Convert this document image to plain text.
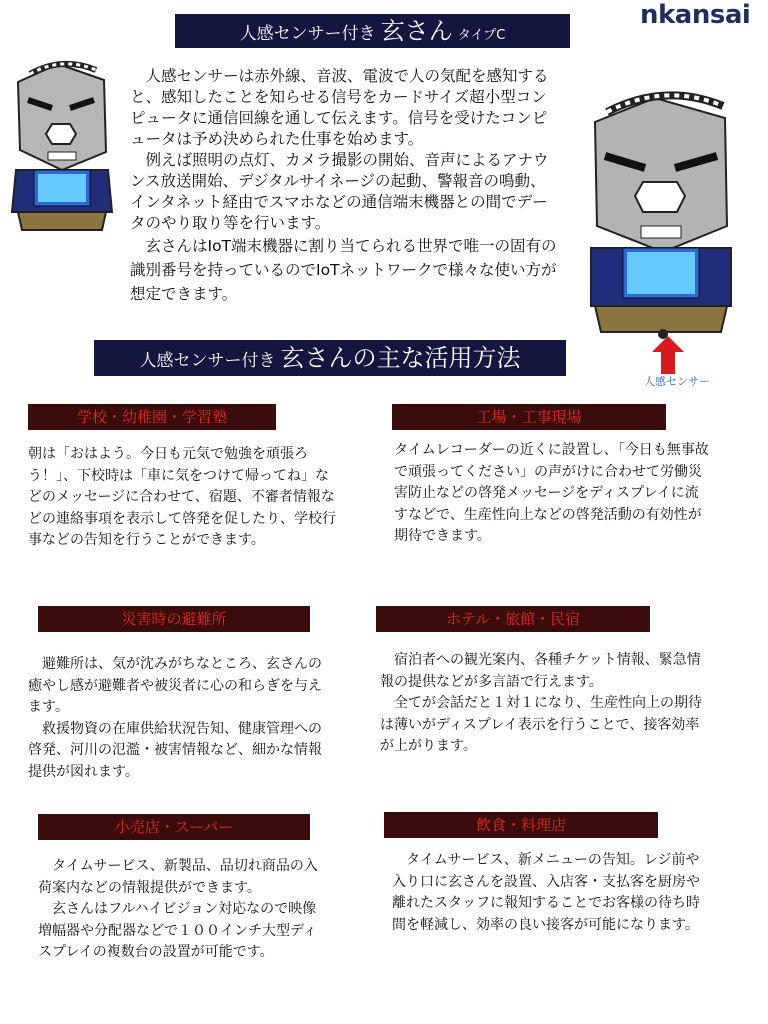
nkansai
人感センサー付き 玄さん タイプC

人感センサーは赤外線、音波、電波で人の気配を感知すると、感知したことを知らせる信号をカードサイズ超小型コンピュータに通信回線を通して伝えます。信号を受けたコンピュータは予め決められた仕事を始めます。

例えば照明の点灯、カメラ撮影の開始、音声によるアナウンス放送開始、デジタルサイネージの起動、警報音の鳴動、インタネット経由でスマホなどの通信端末機器との間でデータのやり取り等を行います。

玄さんはIoT端末機器に割り当てられる世界で唯一の固有の識別番号を持っているのでIoTネットワークで様々な使い方が想定できます。

人感センサー
人感センサー付き 玄さんの主な活用方法
学校・幼稚園・学習塾

朝は「おはよう。今日も元気で勉強を頑張ろう！」、下校時は「車に気をつけて帰ってね」などのメッセージに合わせて、宿題、不審者情報などの連絡事項を表示して啓発を促したり、学校行事などの告知を行うことができます。

工場・工事現場

タイムレコーダーの近くに設置し、「今日も無事故で頑張ってください」の声がけに合わせて労働災害防止などの啓発メッセージをディスプレイに流すなどで、生産性向上などの啓発活動の有効性が期待できます。

災害時の避難所

避難所は、気が沈みがちなところ、玄さんの癒やし感が避難者や被災者に心の和らぎを与えます。

救援物資の在庫供給状況告知、健康管理への啓発、河川の氾濫・被害情報など、細かな情報提供が図れます。

ホテル・旅館・民宿

宿泊者への観光案内、各種チケット情報、緊急情報の提供などが多言語で行えます。

全てが会話だと１対１になり、生産性向上の期待は薄いがディスプレイ表示を行うことで、接客効率が上がります。

小売店・スーパー

タイムサービス、新製品、品切れ商品の入荷案内などの情報提供ができます。

玄さんはフルハイビジョン対応なので映像増幅器や分配器などで１００インチ大型ディスプレイの複数台の設置が可能です。

飲食・料理店

タイムサービス、新メニューの告知。レジ前や入り口に玄さんを設置、入店客・支払客を厨房や離れたスタッフに報知することでお客様の待ち時間を軽減し、効率の良い接客が可能になります。
